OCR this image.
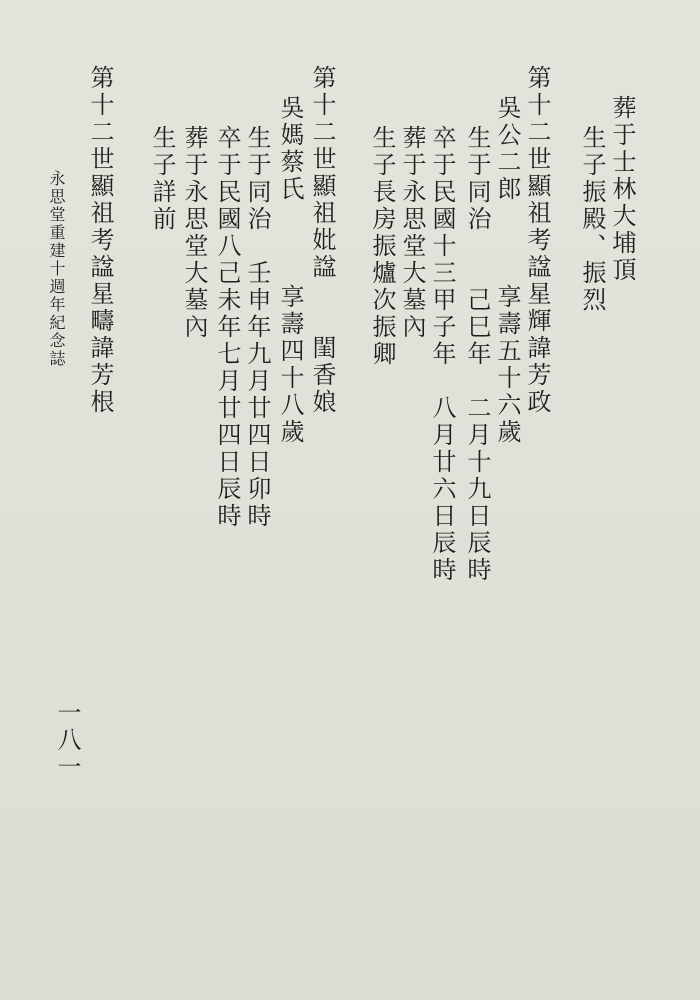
葬于士林大埔頂
生子振殿、振烈
第十二世顯祖考諡星輝諱芳政
吳公二郎　　　享壽五十六歲
生于同治　　己巳年　二月十九日辰時
卒于民國十三甲子年　八月廿六日辰時
葬于永思堂大墓內
生子長房振爐次振卿
第十二世顯祖妣諡　　閨香娘
吳媽蔡氏　　　享壽四十八歲
生于同治　壬申年九月廿四日卯時
卒于民國八己未年七月廿四日辰時
葬于永思堂大墓內
生子詳前
第十二世顯祖考諡星疇諱芳根
永思堂重建十週年紀念誌
一八一
